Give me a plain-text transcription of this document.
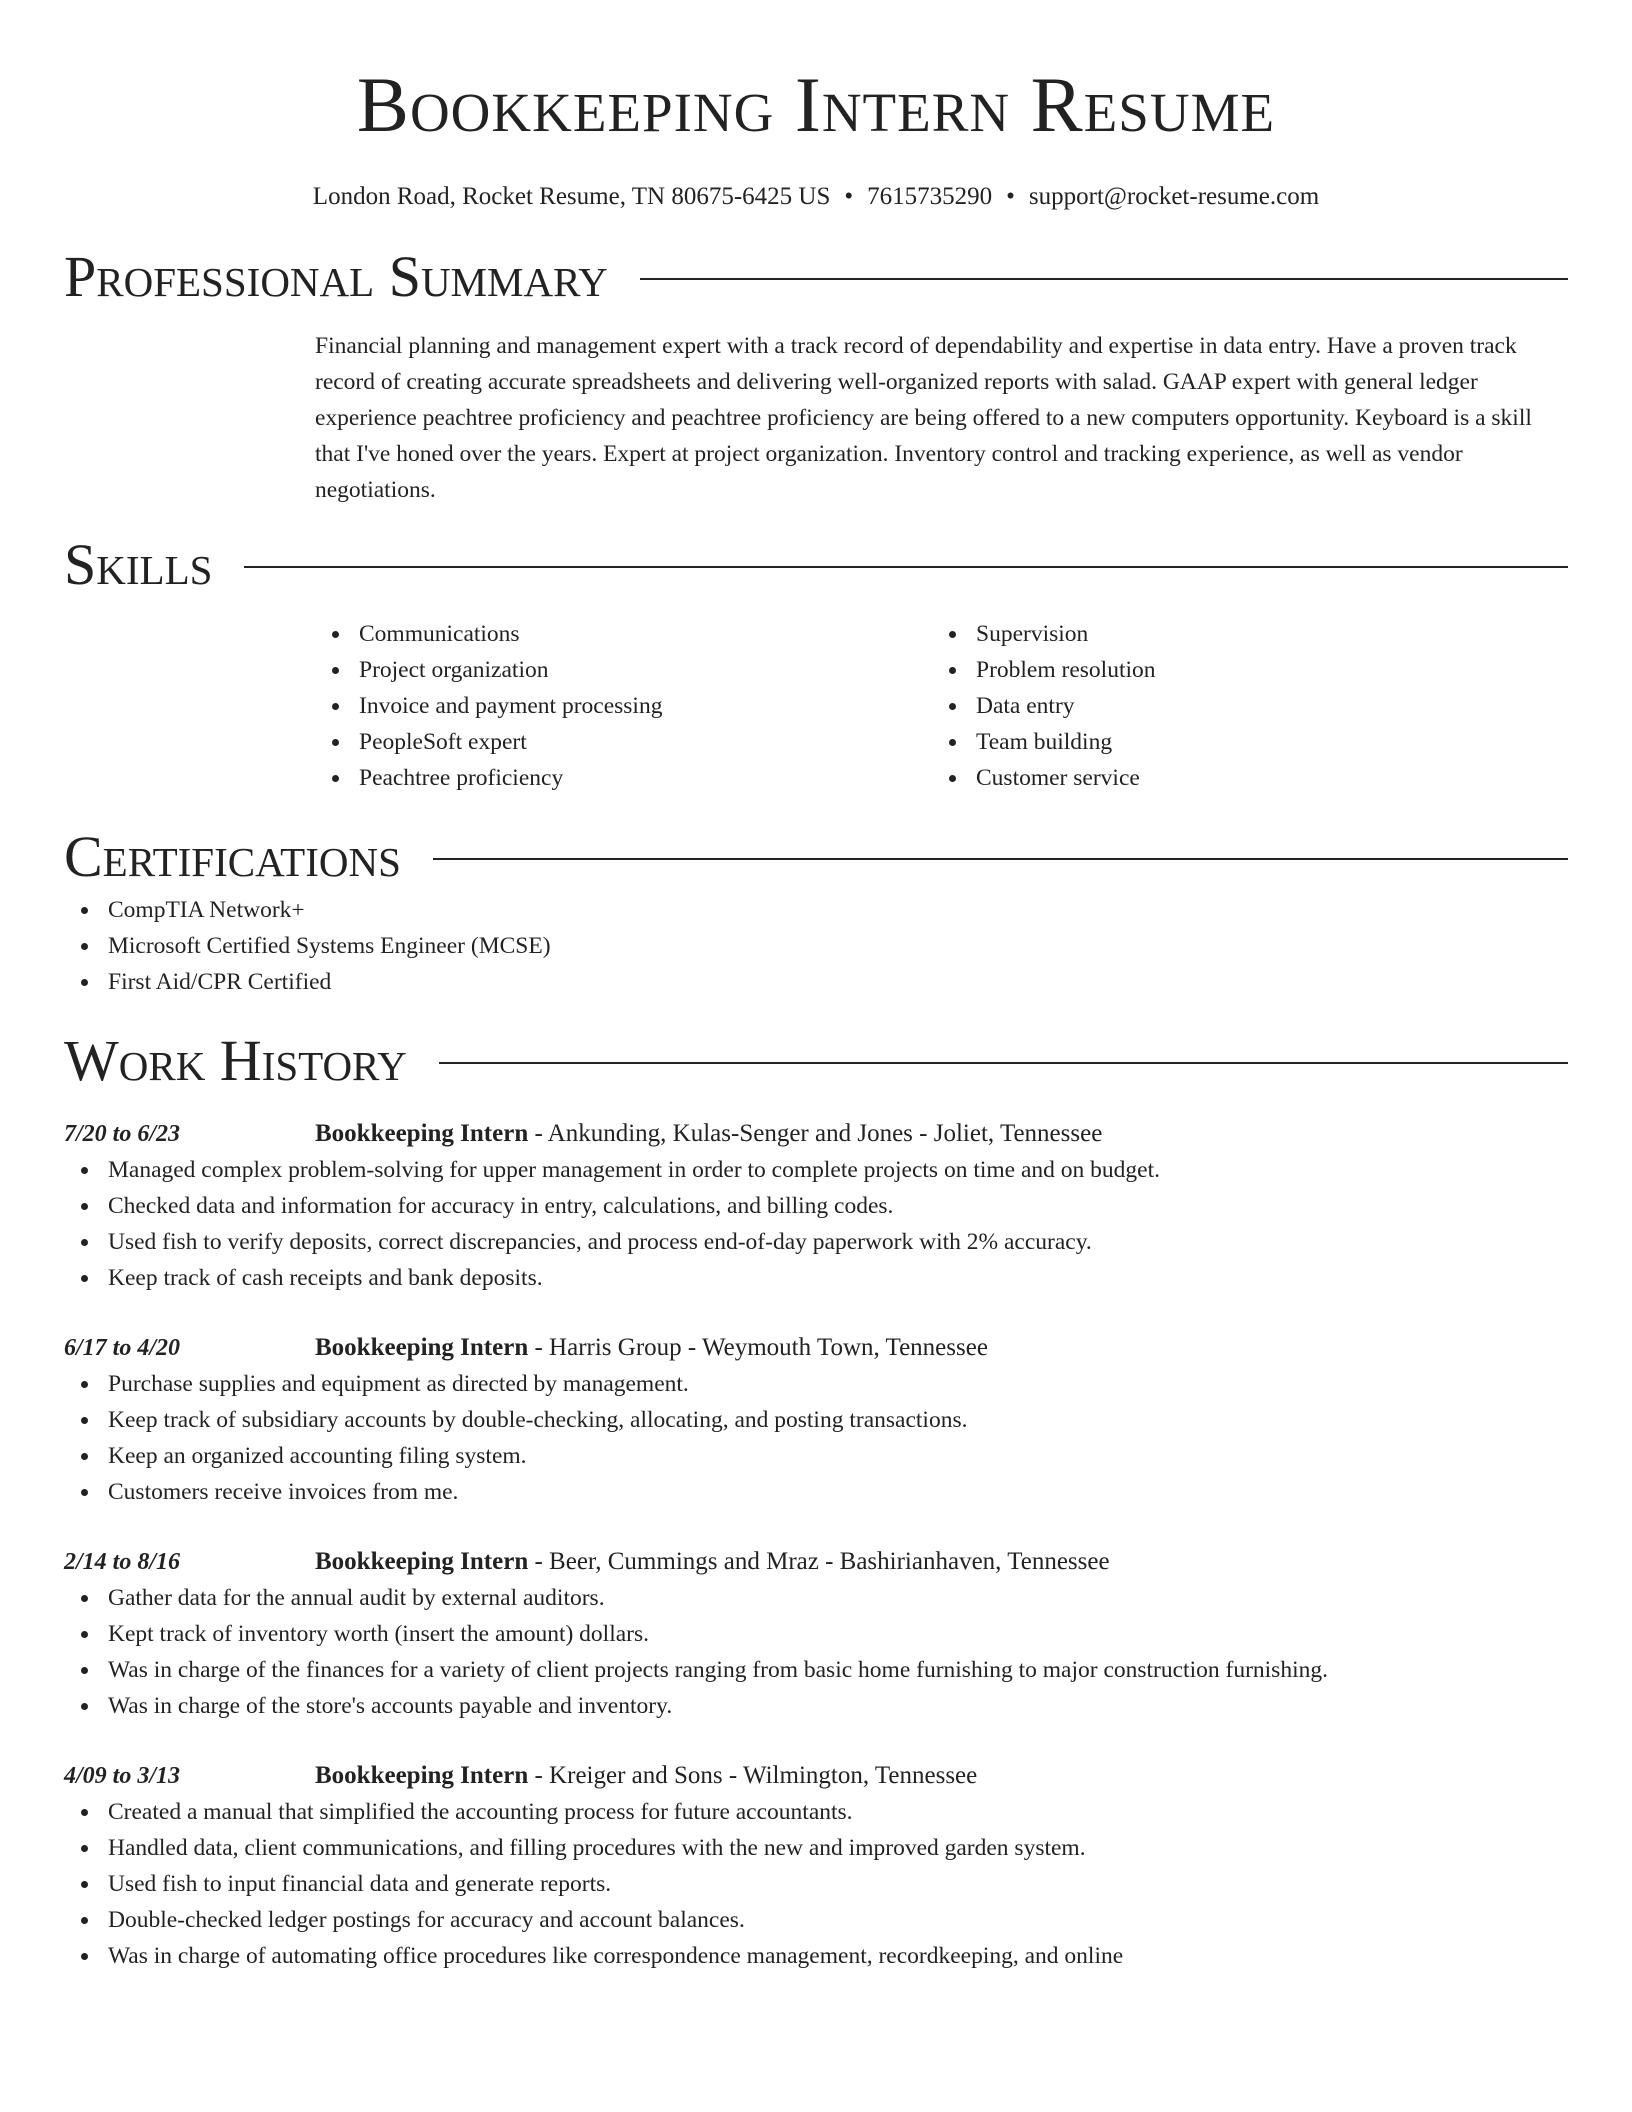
Bookkeeping Intern Resume
London Road, Rocket Resume, TN 80675-6425 US • 7615735290 • support@rocket-resume.com
Professional Summary

Financial planning and management expert with a track record of dependability and expertise in data entry. Have a proven track record of creating accurate spreadsheets and delivering well-organized reports with salad. GAAP expert with general ledger experience peachtree proficiency and peachtree proficiency are being offered to a new computers opportunity. Keyboard is a skill that I've honed over the years. Expert at project organization. Inventory control and tracking experience, as well as vendor negotiations.

Skills
Communications
Project organization
Invoice and payment processing
PeopleSoft expert
Peachtree proficiency
Supervision
Problem resolution
Data entry
Team building
Customer service
Certifications
CompTIA Network+
Microsoft Certified Systems Engineer (MCSE)
First Aid/CPR Certified
Work History
7/20 to 6/23	Bookkeeping Intern - Ankunding, Kulas-Senger and Jones - Joliet, Tennessee
Managed complex problem-solving for upper management in order to complete projects on time and on budget.
Checked data and information for accuracy in entry, calculations, and billing codes.
Used fish to verify deposits, correct discrepancies, and process end-of-day paperwork with 2% accuracy.
Keep track of cash receipts and bank deposits.
6/17 to 4/20	Bookkeeping Intern - Harris Group - Weymouth Town, Tennessee
Purchase supplies and equipment as directed by management.
Keep track of subsidiary accounts by double-checking, allocating, and posting transactions.
Keep an organized accounting filing system.
Customers receive invoices from me.
2/14 to 8/16	Bookkeeping Intern - Beer, Cummings and Mraz - Bashirianhaven, Tennessee
Gather data for the annual audit by external auditors.
Kept track of inventory worth (insert the amount) dollars.
Was in charge of the finances for a variety of client projects ranging from basic home furnishing to major construction furnishing.
Was in charge of the store's accounts payable and inventory.
4/09 to 3/13	Bookkeeping Intern - Kreiger and Sons - Wilmington, Tennessee
Created a manual that simplified the accounting process for future accountants.
Handled data, client communications, and filling procedures with the new and improved garden system.
Used fish to input financial data and generate reports.
Double-checked ledger postings for accuracy and account balances.
Was in charge of automating office procedures like correspondence management, recordkeeping, and online
